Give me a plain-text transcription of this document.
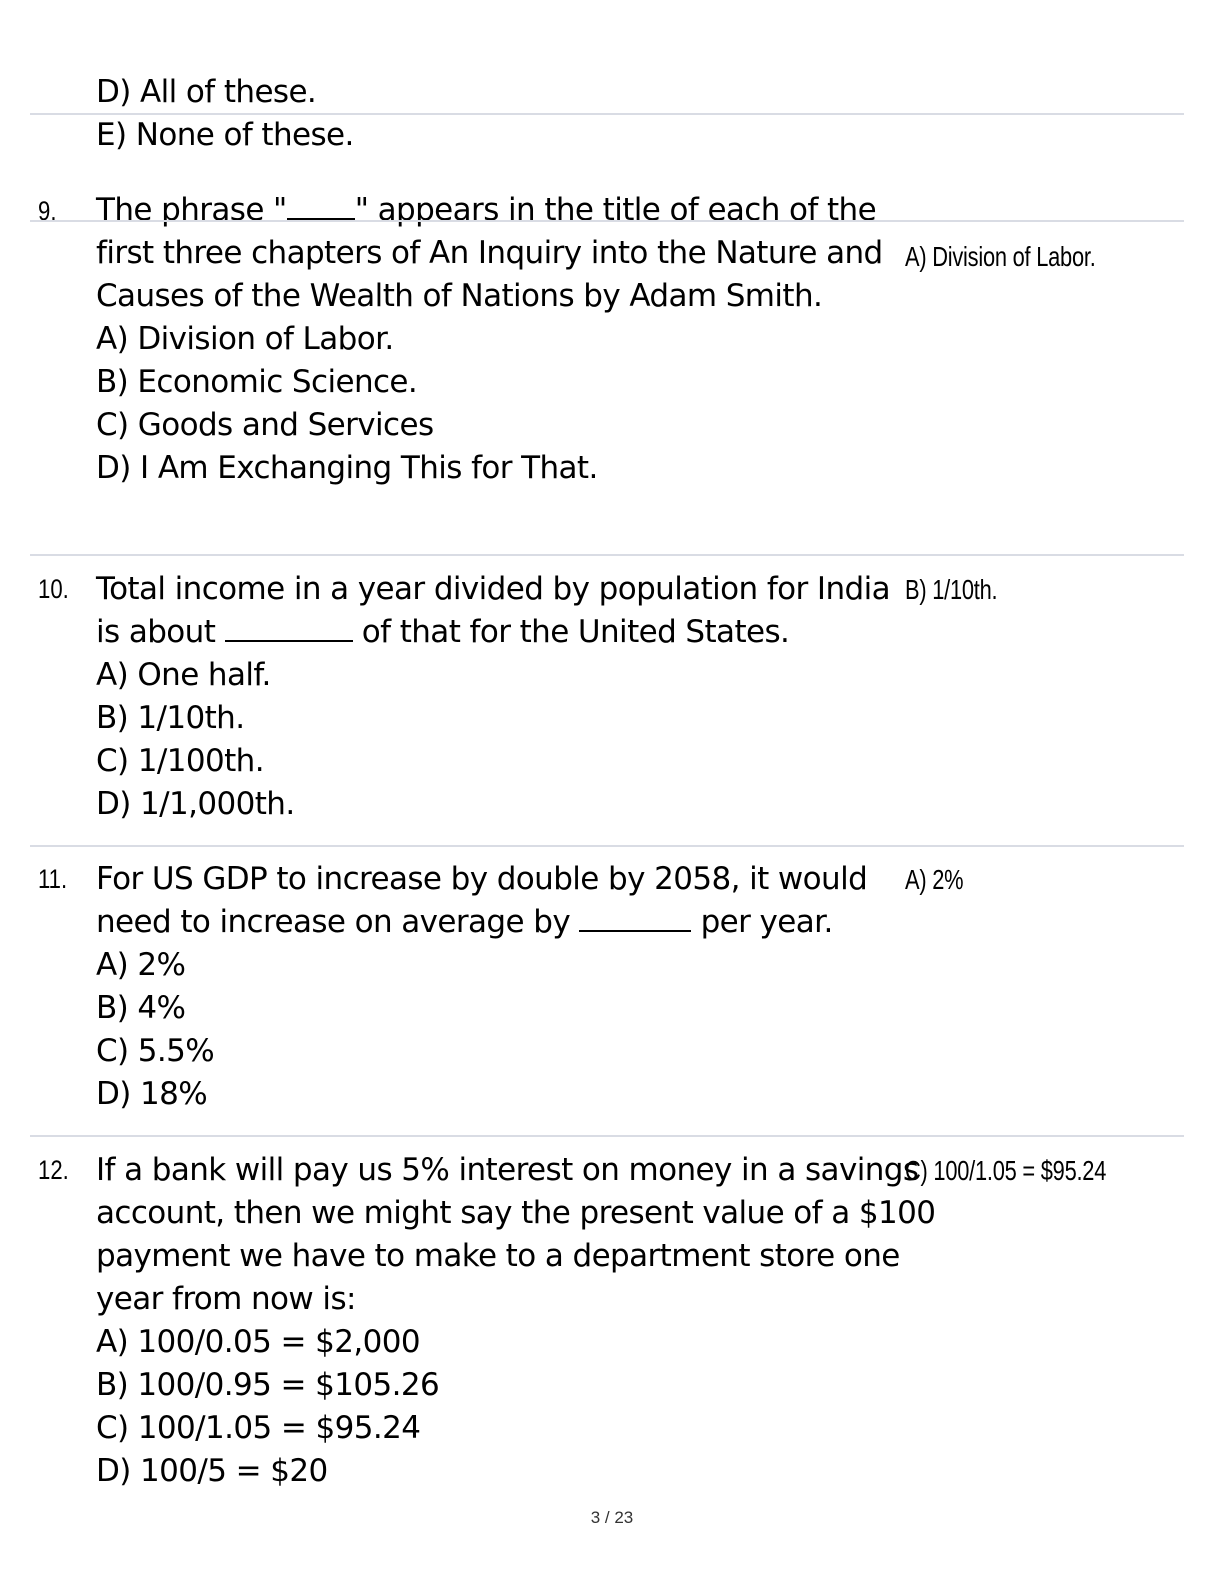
D) All of these.
E) None of these.
9. The phrase " " appears in the title of each of the
first three chapters of An Inquiry into the Nature and A) Division of Labor.
Causes of the Wealth of Nations by Adam Smith.
A) Division of Labor.
B) Economic Science.
C) Goods and Services
D) I Am Exchanging This for That.
10. Total income in a year divided by population for India B) 1/10th.
is about	of that for the United States.
A) One half.
B) 1/10th.
C) 1/100th.
D) 1/1,000th.
11. For US GDP to increase by double by 2058, it would A) 2%
need to increase on average by	per year.
A) 2%
B) 4%
C) 5.5%
D) 18%
12. If a bank will pay us 5% interest on money in a savings
C) 100/1.05 = $95.24
account, then we might say the present value of a $100
payment we have to make to a department store one
year from now is:
A) 100/0.05 = $2,000
B) 100/0.95 = $105.26
C) 100/1.05 = $95.24
D) 100/5 = $20
3 / 23
